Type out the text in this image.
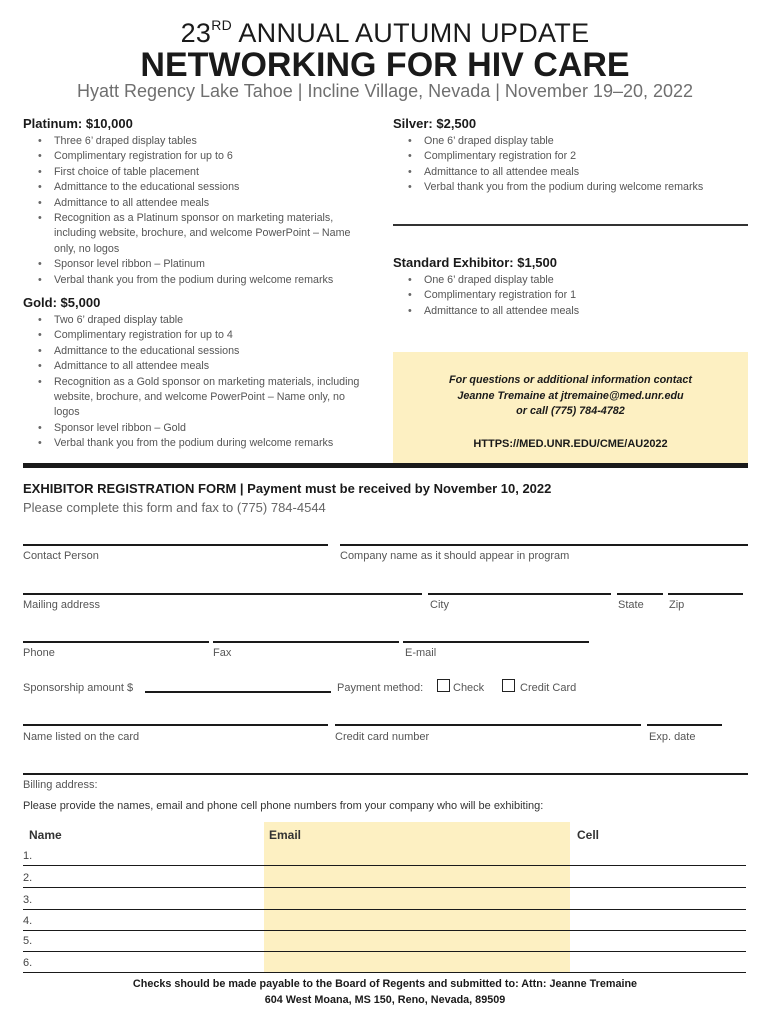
23RD ANNUAL AUTUMN UPDATE
NETWORKING FOR HIV CARE
Hyatt Regency Lake Tahoe | Incline Village, Nevada | November 19–20, 2022
Platinum: $10,000
• Three 6’ draped display tables
• Complimentary registration for up to 6
• First choice of table placement
• Admittance to the educational sessions
• Admittance to all attendee meals
• Recognition as a Platinum sponsor on marketing materials, including website, brochure, and welcome PowerPoint – Name only, no logos
• Sponsor level ribbon – Platinum
• Verbal thank you from the podium during welcome remarks
Gold: $5,000
• Two 6’ draped display table
• Complimentary registration for up to 4
• Admittance to the educational sessions
• Admittance to all attendee meals
• Recognition as a Gold sponsor on marketing materials, including website, brochure, and welcome PowerPoint – Name only, no logos
• Sponsor level ribbon – Gold
• Verbal thank you from the podium during welcome remarks
Silver: $2,500
• One 6’ draped display table
• Complimentary registration for 2
• Admittance to all attendee meals
• Verbal thank you from the podium during welcome remarks
Standard Exhibitor: $1,500
• One 6’ draped display table
• Complimentary registration for 1
• Admittance to all attendee meals
For questions or additional information contact
Jeanne Tremaine at jtremaine@med.unr.edu
or call (775) 784-4782
HTTPS://MED.UNR.EDU/CME/AU2022
EXHIBITOR REGISTRATION FORM | Payment must be received by November 10, 2022
Please complete this form and fax to (775) 784-4544
Contact Person	Company name as it should appear in program
Mailing address	City	State Zip
Phone	Fax	E-mail
Sponsorship amount $	Payment method:	Check	Credit Card
Name listed on the card	Credit card number	Exp. date
Billing address:
Please provide the names, email and phone cell phone numbers from your company who will be exhibiting:
Name	Email	Cell
1.
2.
3.
4.
5.
6.
Checks should be made payable to the Board of Regents and submitted to: Attn: Jeanne Tremaine
604 West Moana, MS 150, Reno, Nevada, 89509
